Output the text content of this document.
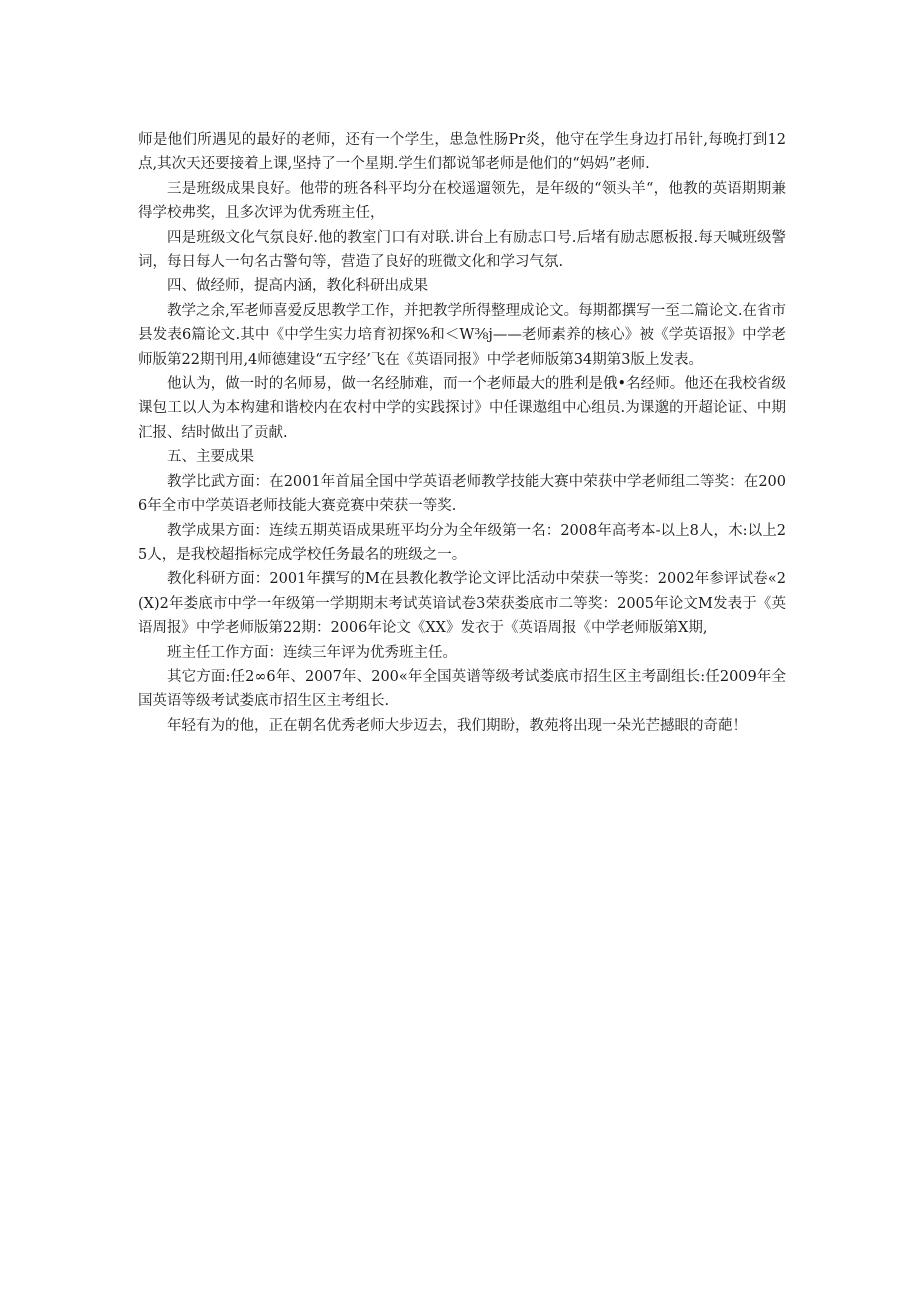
师是他们所遇见的最好的老师，还有一个学生，患急性肠Pr炎，他守在学生身边打吊针,每晚打到12点,其次天还要接着上课,坚持了一个星期.学生们都说邹老师是他们的“妈妈”老师.

三是班级成果良好。他带的班各科平均分在校遥遛领先，是年级的“领头羊“，他教的英语期期兼得学校弗奖，且多次评为优秀班主任，

四是班级文化气氛良好.他的教室门口有对联.讲台上有励志口号.后堵有励志愿板报.每天喊班级警词，每日每人一句名古警句等，营造了良好的班微文化和学习气氛.

四、做经师，提高内涵，教化科研出成果

教学之余,军老师喜爱反思教学工作，并把教学所得整理成论文。每期都撰写一至二篇论文.在省市县发表6篇论文.其中《中学生实力培育初探%和＜W⅜j——老师素养的核心》被《学英语报》中学老师版第22期刊用,4师德建设“五字经’飞在《英语同报》中学老师版第34期第3版上发表。

他认为，做一时的名师易，做一名经肺难，而一个老师最大的胜利是俄•名经师。他还在我校省级课包工以人为本构建和谐校内在农村中学的实践探讨》中任课遨组中心组员.为课邈的开超论证、中期汇报、结时做出了贡献.

五、主要成果

教学比武方面：在2001年首届全国中学英语老师教学技能大赛中荣获中学老师组二等奖：在2006年全市中学英语老师技能大赛竞赛中荣获一等奖.

教学成果方面：连续五期英语成果班平均分为全年级第一名：2008年高考本-以上8人，木:以上25人，是我校超指标完成学校任务最名的班级之一。

教化科研方面：2001年撰写的M在县教化教学论文评比活动中荣获一等奖：2002年参评试卷«2(X)2年娄底市中学一年级第一学期期末考试英谙试卷3荣获娄底市二等奖：2005年论文M发表于《英语周报》中学老师版第22期：2006年论文《XX》发衣于《英语周报《中学老师版第X期,

班主任工作方面：连续三年评为优秀班主任。

其它方面:任2∞6年、2007年、200«年全国英谱等级考试娄底市招生区主考副组长:任2009年全国英语等级考试娄底市招生区主考组长.

年轻有为的他，正在朝名优秀老师大步迈去，我们期盼，教苑将出现一朵光芒撼眼的奇葩！
